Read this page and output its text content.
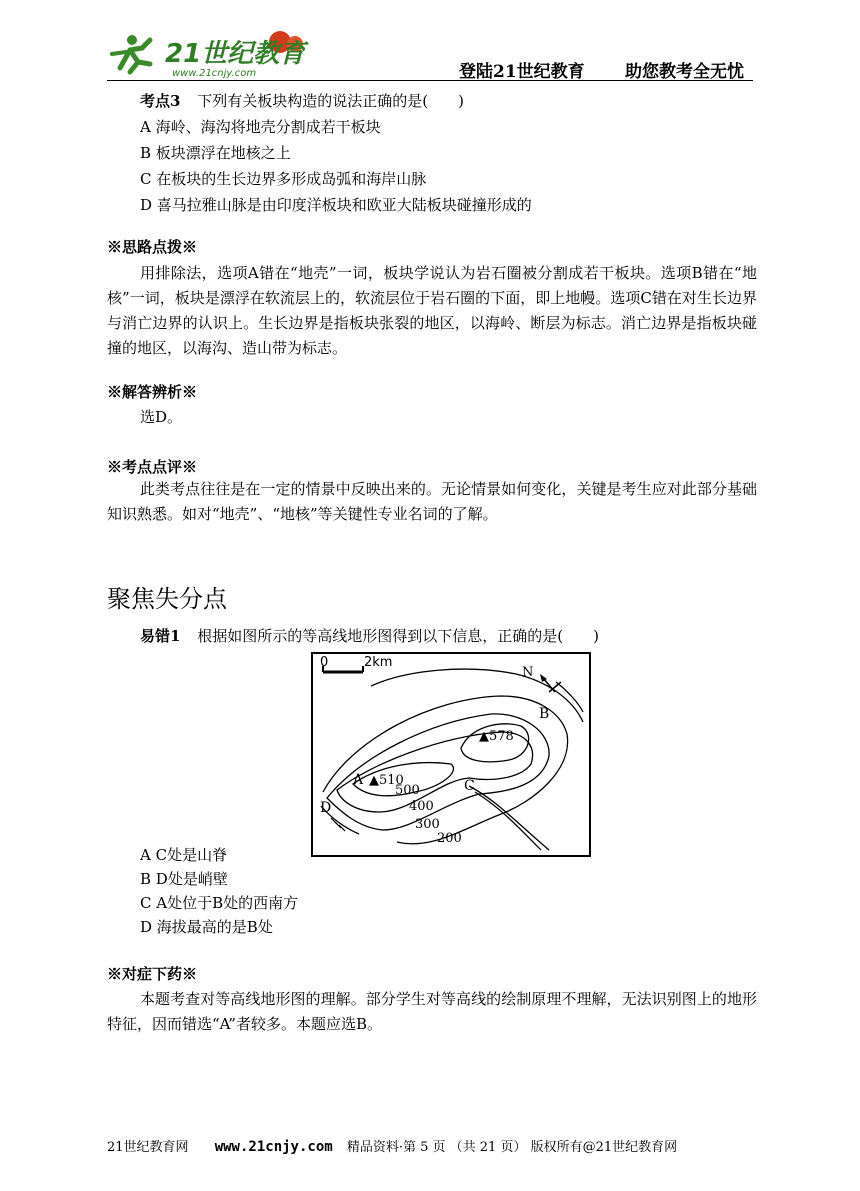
21世纪教育
www.21cnjy.com	登陆21世纪教育 助您教考全无忧
考点3 下列有关板块构造的说法正确的是(　　)
A 海岭、海沟将地壳分割成若干板块
B 板块漂浮在地核之上
C 在板块的生长边界多形成岛弧和海岸山脉
D 喜马拉雅山脉是由印度洋板块和欧亚大陆板块碰撞形成的
※思路点拨※
用排除法，选项A错在“地壳”一词，板块学说认为岩石圈被分割成若干板块。选项B错在“地核”一词，板块是漂浮在软流层上的，软流层位于岩石圈的下面，即上地幔。选项C错在对生长边界与消亡边界的认识上。生长边界是指板块张裂的地区，以海岭、断层为标志。消亡边界是指板块碰撞的地区，以海沟、造山带为标志。
※解答辨析※
选D。
※考点点评※
此类考点往往是在一定的情景中反映出来的。无论情景如何变化，关键是考生应对此部分基础知识熟悉。如对“地壳”、“地核”等关键性专业名词的了解。
聚焦失分点
易错1 根据如图所示的等高线地形图得到以下信息，正确的是(　　)
0	2km
N
B
C
D
A
▲578
▲510
500
400
300
200
A C处是山脊
B D处是峭壁
C A处位于B处的西南方
D 海拔最高的是B处
※对症下药※
本题考查对等高线地形图的理解。部分学生对等高线的绘制原理不理解，无法识别图上的地形特征，因而错选“A”者较多。本题应选B。
21世纪教育网 www.21cnjy.com 精品资料·第 5 页 （共 21 页） 版权所有@21世纪教育网
